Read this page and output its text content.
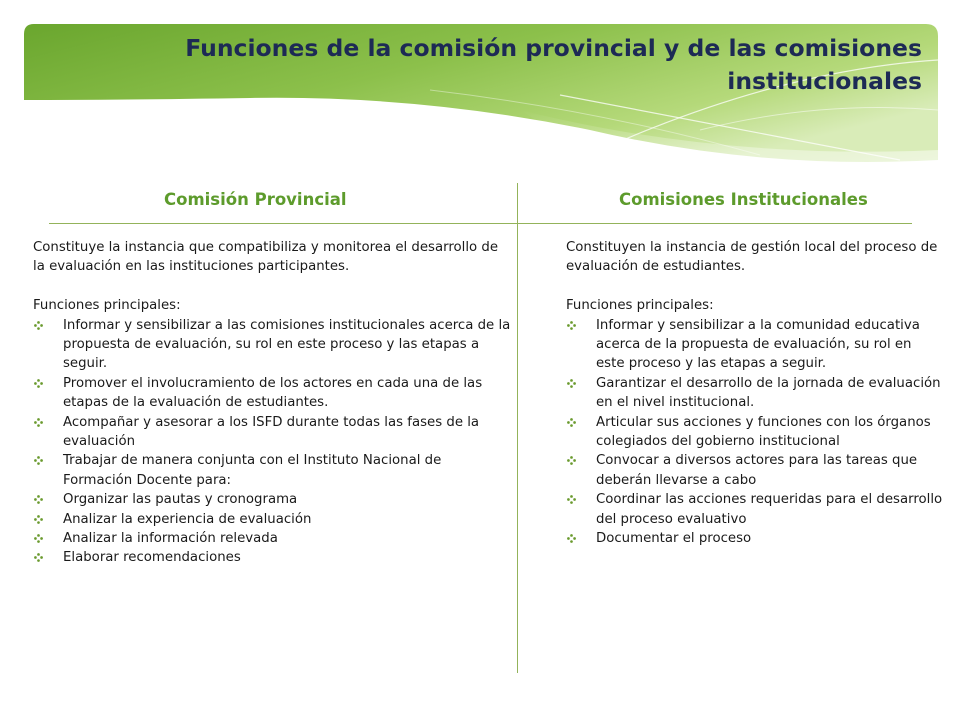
Funciones de la comisión provincial y de las comisiones institucionales
Comisión Provincial	Comisiones Institucionales

Constituye la instancia que compatibiliza y monitorea el desarrollo de la evaluación en las instituciones participantes.

Funciones principales:

Informar y sensibilizar a las comisiones institucionales acerca de la propuesta de evaluación, su rol en este proceso y las etapas a seguir.
Promover el involucramiento de los actores en cada una de las etapas de la evaluación de estudiantes.
Acompañar y asesorar a los ISFD durante todas las fases de la evaluación
Trabajar de manera conjunta con el Instituto Nacional de Formación Docente para:
Organizar las pautas y cronograma
Analizar la experiencia de evaluación
Analizar la información relevada
Elaborar recomendaciones

Constituyen la instancia de gestión local del proceso de evaluación de estudiantes.

Funciones principales:

Informar y sensibilizar a la comunidad educativa acerca de la propuesta de evaluación, su rol en este proceso y las etapas a seguir.
Garantizar el desarrollo de la jornada de evaluación en el nivel institucional.
Articular sus acciones y funciones con los órganos colegiados del gobierno institucional
Convocar a diversos actores para las tareas que deberán llevarse a cabo
Coordinar las acciones requeridas para el desarrollo del proceso evaluativo
Documentar el proceso
